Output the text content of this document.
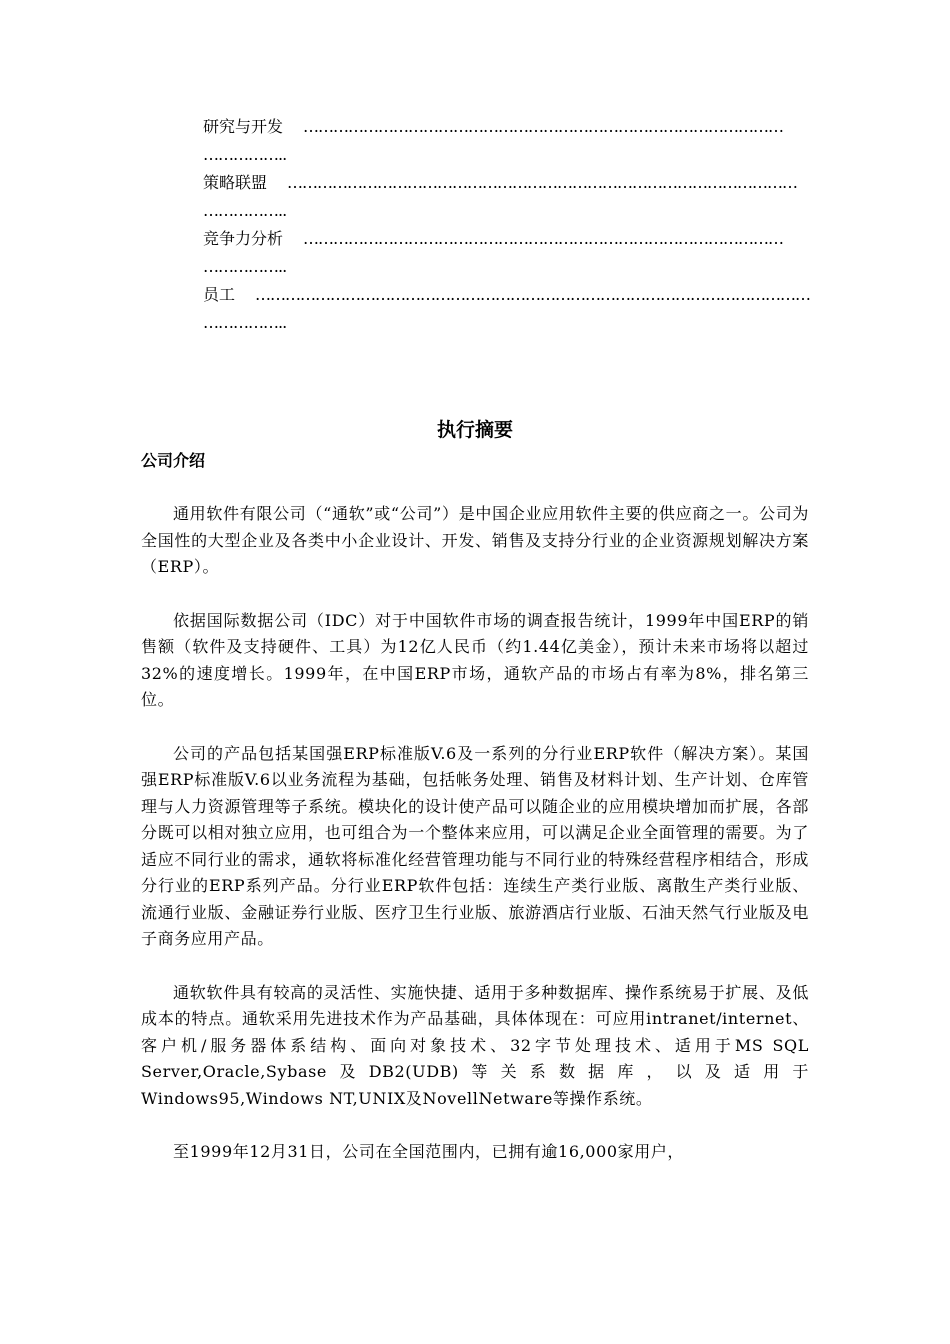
研究与开发 ……………………………………………………………………………………
……………..
策略联盟 …………………………………………………………………………………………
……………..
竞争力分析 ……………………………………………………………………………………
……………..
员工 …………………………………………………………………………………………………
……………..
执行摘要
公司介绍

通用软件有限公司（“通软”或“公司”）是中国企业应用软件主要的供应商之一。公司为全国性的大型企业及各类中小企业设计、开发、销售及支持分行业的企业资源规划解决方案（ERP）。

依据国际数据公司（IDC）对于中国软件市场的调查报告统计，1999年中国ERP的销售额（软件及支持硬件、工具）为12亿人民币（约1.44亿美金），预计未来市场将以超过32%的速度增长。1999年，在中国ERP市场，通软产品的市场占有率为8%，排名第三位。

公司的产品包括某国强ERP标准版V.6及一系列的分行业ERP软件（解决方案）。某国强ERP标准版V.6以业务流程为基础，包括帐务处理、销售及材料计划、生产计划、仓库管理与人力资源管理等子系统。模块化的设计使产品可以随企业的应用模块增加而扩展，各部分既可以相对独立应用，也可组合为一个整体来应用，可以满足企业全面管理的需要。为了适应不同行业的需求，通软将标准化经营管理功能与不同行业的特殊经营程序相结合，形成分行业的ERP系列产品。分行业ERP软件包括：连续生产类行业版、离散生产类行业版、流通行业版、金融证券行业版、医疗卫生行业版、旅游酒店行业版、石油天然气行业版及电子商务应用产品。

通软软件具有较高的灵活性、实施快捷、适用于多种数据库、操作系统易于扩展、及低成本的特点。通软采用先进技术作为产品基础，具体体现在：可应用intranet/internet、客户机/服务器体系结构、面向对象技术、32字节处理技术、适用于MS SQL Server,Oracle,Sybase及DB2(UDB)等关系数据库，以及适用于Windows95,Windows NT,UNIX及NovellNetware等操作系统。

至1999年12月31日，公司在全国范围内，已拥有逾16,000家用户，
